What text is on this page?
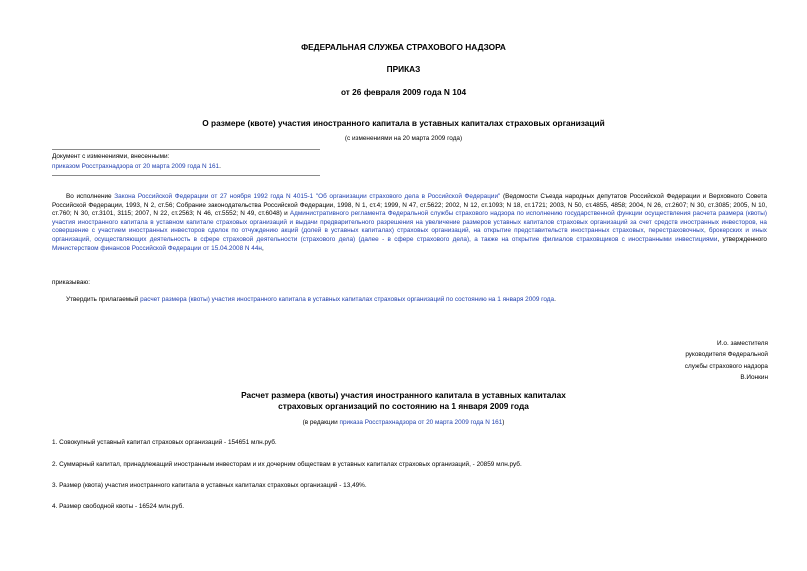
ФЕДЕРАЛЬНАЯ СЛУЖБА СТРАХОВОГО НАДЗОРА
ПРИКАЗ
от 26 февраля 2009 года N 104
О размере (квоте) участия иностранного капитала в уставных капиталах страховых организаций
(с изменениями на 20 марта 2009 года)
Документ с изменениями, внесенными:
приказом Росстрахнадзора от 20 марта 2009 года N 161.
Во исполнение Закона Российской Федерации от 27 ноября 1992 года N 4015-1 "Об организации страхового дела в Российской Федерации" (Ведомости Съезда народных депутатов Российской Федерации и Верховного Совета Российской Федерации, 1993, N 2, ст.56; Собрание законодательства Российской Федерации, 1998, N 1, ст.4; 1999, N 47, ст.5622; 2002, N 12, ст.1093; N 18, ст.1721; 2003, N 50, ст.4855, 4858; 2004, N 26, ст.2607; N 30, ст.3085; 2005, N 10, ст.760; N 30, ст.3101, 3115; 2007, N 22, ст.2563; N 46, ст.5552; N 49, ст.6048) и Административного регламента Федеральной службы страхового надзора по исполнению государственной функции осуществления расчета размера (квоты) участия иностранного капитала в уставном капитале страховых организаций и выдачи предварительного разрешения на увеличение размеров уставных капиталов страховых организаций за счет средств иностранных инвесторов, на совершение с участием иностранных инвесторов сделок по отчуждению акций (долей в уставных капиталах) страховых организаций, на открытие представительств иностранных страховых, перестраховочных, брокерских и иных организаций, осуществляющих деятельность в сфере страховой деятельности (страхового дела) (далее - в сфере страхового дела), а также на открытие филиалов страховщиков с иностранными инвестициями, утвержденного Министерством финансов Российской Федерации от 15.04.2008 N 44н,
приказываю:
Утвердить прилагаемый расчет размера (квоты) участия иностранного капитала в уставных капиталах страховых организаций по состоянию на 1 января 2009 года.
И.о. заместителя
руководителя Федеральной
службы страхового надзора
В.Ионкин
Расчет размера (квоты) участия иностранного капитала в уставных капиталах
страховых организаций по состоянию на 1 января 2009 года
(в редакции приказа Росстрахнадзора от 20 марта 2009 года N 161)
1. Совокупный уставный капитал страховых организаций - 154651 млн.руб.
2. Суммарный капитал, принадлежащий иностранным инвесторам и их дочерним обществам в уставных капиталах страховых организаций, - 20859 млн.руб.
3. Размер (квота) участия иностранного капитала в уставных капиталах страховых организаций - 13,49%.
4. Размер свободной квоты - 16524 млн.руб.
